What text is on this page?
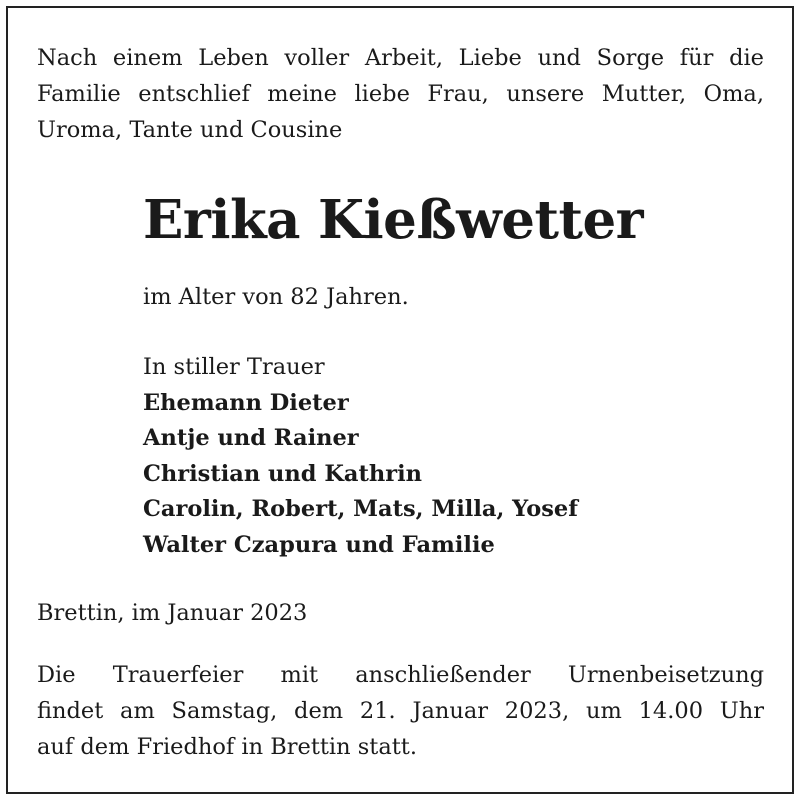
Nach einem Leben voller Arbeit, Liebe und Sorge für die

Familie entschlief meine liebe Frau, unsere Mutter, Oma,

Uroma, Tante und Cousine

Erika Kießwetter

im Alter von 82 Jahren.

In stiller Trauer

Ehemann Dieter

Antje und Rainer

Christian und Kathrin

Carolin, Robert, Mats, Milla, Yosef

Walter Czapura und Familie

Brettin, im Januar 2023

Die Trauerfeier mit anschließender Urnenbeisetzung

findet am Samstag, dem 21. Januar 2023, um 14.00 Uhr

auf dem Friedhof in Brettin statt.
